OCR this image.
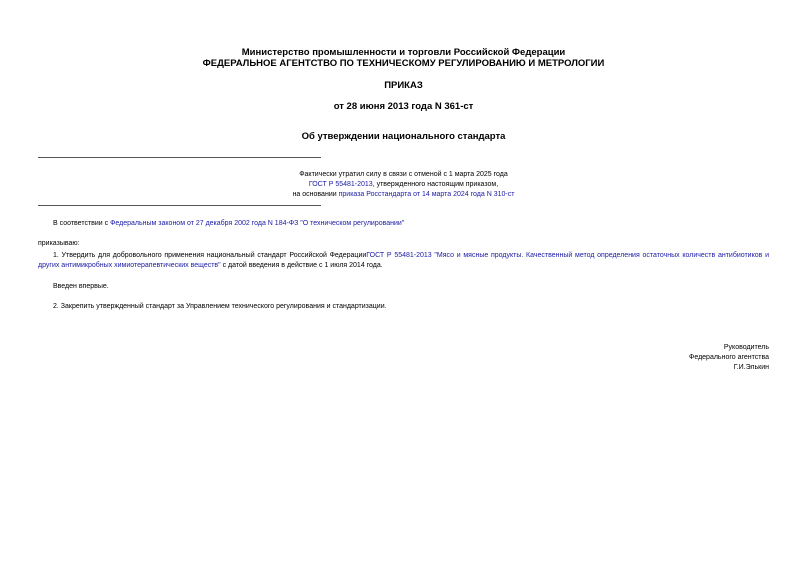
Министерство промышленности и торговли Российской Федерации
ФЕДЕРАЛЬНОЕ АГЕНТСТВО ПО ТЕХНИЧЕСКОМУ РЕГУЛИРОВАНИЮ И МЕТРОЛОГИИ
ПРИКАЗ
от 28 июня 2013 года N 361-ст
Об утверждении национального стандарта
Фактически утратил силу в связи с отменой с 1 марта 2025 года
ГОСТ Р 55481-2013, утвержденного настоящим приказом,
на основании приказа Росстандарта от 14 марта 2024 года N 310-ст
В соответствии с Федеральным законом от 27 декабря 2002 года N 184-ФЗ "О техническом регулировании"
приказываю:
1. Утвердить для добровольного применения национальный стандарт Российской ФедерацииГОСТ Р 55481-2013 "Мясо и мясные продукты. Качественный метод определения остаточных количеств антибиотиков и других антимикробных химиотерапевтических веществ" с датой введения в действие с 1 июля 2014 года.
Введен впервые.
2. Закрепить утвержденный стандарт за Управлением технического регулирования и стандартизации.
Руководитель
Федерального агентства
Г.И.Элькин
